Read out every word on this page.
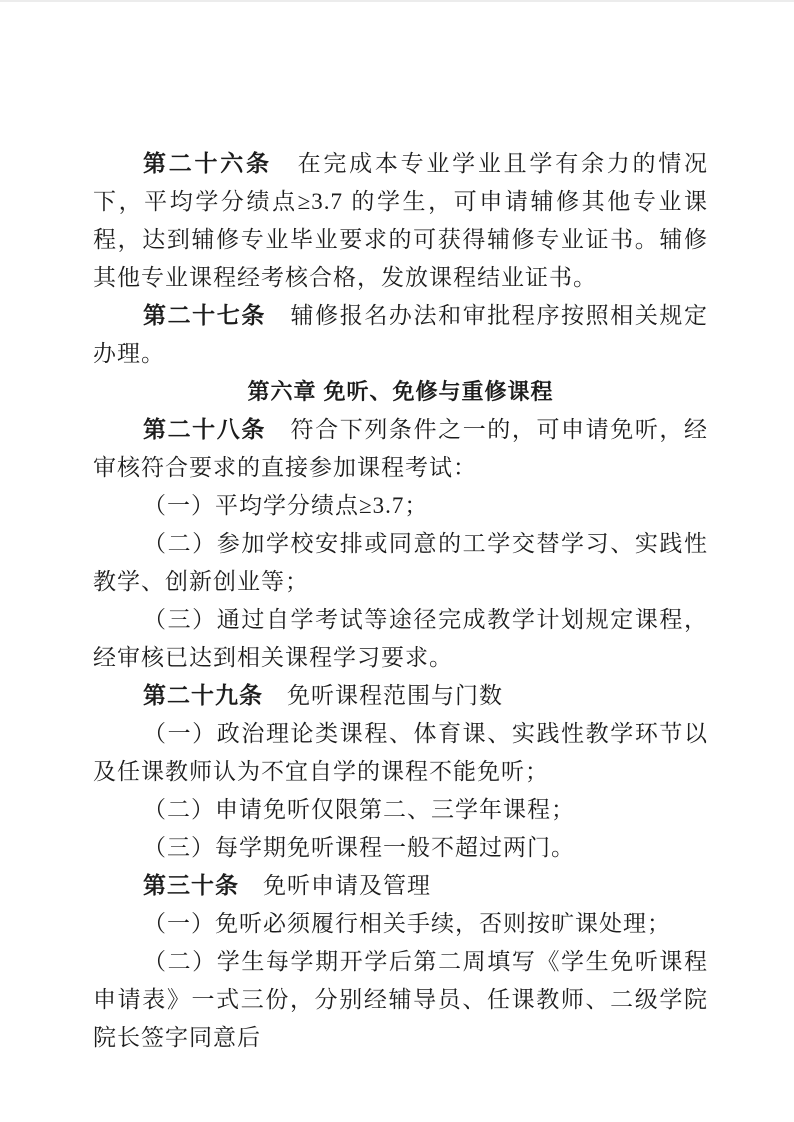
第二十六条　在完成本专业学业且学有余力的情况下，平均学分绩点≥3.7 的学生，可申请辅修其他专业课程，达到辅修专业毕业要求的可获得辅修专业证书。辅修其他专业课程经考核合格，发放课程结业证书。

第二十七条　辅修报名办法和审批程序按照相关规定办理。

第六章 免听、免修与重修课程

第二十八条　符合下列条件之一的，可申请免听，经审核符合要求的直接参加课程考试：

（一）平均学分绩点≥3.7；

（二）参加学校安排或同意的工学交替学习、实践性教学、创新创业等；

（三）通过自学考试等途径完成教学计划规定课程，经审核已达到相关课程学习要求。

第二十九条　免听课程范围与门数

（一）政治理论类课程、体育课、实践性教学环节以及任课教师认为不宜自学的课程不能免听；

（二）申请免听仅限第二、三学年课程；

（三）每学期免听课程一般不超过两门。

第三十条　免听申请及管理

（一）免听必须履行相关手续，否则按旷课处理；

（二）学生每学期开学后第二周填写《学生免听课程申请表》一式三份，分别经辅导员、任课教师、二级学院院长签字同意后
